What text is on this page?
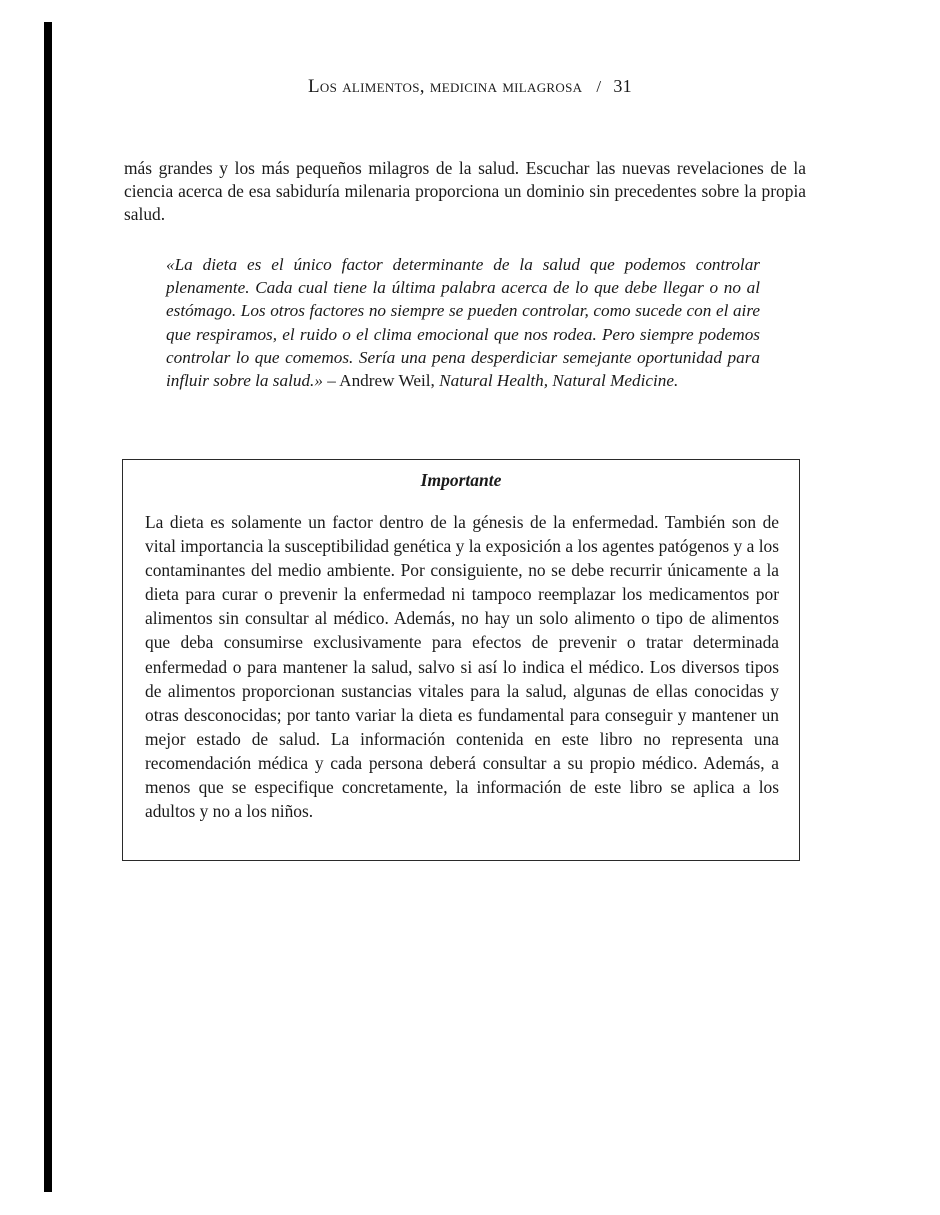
Los alimentos, medicina milagrosa / 31

más grandes y los más pequeños milagros de la salud. Escuchar las nuevas revelaciones de la ciencia acerca de esa sabiduría milenaria proporciona un dominio sin precedentes sobre la propia salud.

«La dieta es el único factor determinante de la salud que podemos controlar plenamente. Cada cual tiene la última palabra acerca de lo que debe llegar o no al estómago. Los otros factores no siempre se pueden controlar, como sucede con el aire que respiramos, el ruido o el clima emocional que nos rodea. Pero siempre podemos controlar lo que comemos. Sería una pena desperdiciar semejante oportunidad para influir sobre la salud.» – Andrew Weil, Natural Health, Natural Medicine.

Importante

La dieta es solamente un factor dentro de la génesis de la enfermedad. También son de vital importancia la susceptibilidad genética y la exposición a los agentes patógenos y a los contaminantes del medio ambiente. Por consiguiente, no se debe recurrir únicamente a la dieta para curar o prevenir la enfermedad ni tampoco reemplazar los medicamentos por alimentos sin consultar al médico. Además, no hay un solo alimento o tipo de alimentos que deba consumirse exclusivamente para efectos de prevenir o tratar determinada enfermedad o para mantener la salud, salvo si así lo indica el médico. Los diversos tipos de alimentos proporcionan sustancias vitales para la salud, algunas de ellas conocidas y otras desconocidas; por tanto variar la dieta es fundamental para conseguir y mantener un mejor estado de salud. La información contenida en este libro no representa una recomendación médica y cada persona deberá consultar a su propio médico. Además, a menos que se especifique concretamente, la información de este libro se aplica a los adultos y no a los niños.
